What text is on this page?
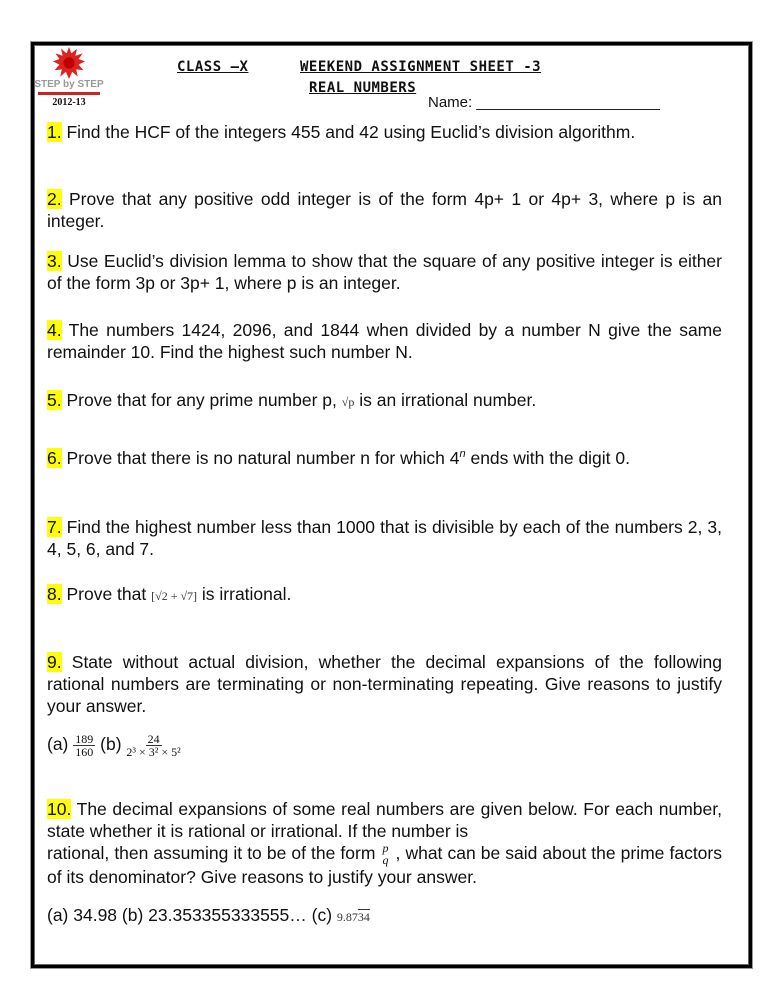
STEP by STEP
2012-13
CLASS –X	WEEKEND ASSIGNMENT SHEET -3
REAL NUMBERS
Name: ______________________
1. Find the HCF of the integers 455 and 42 using Euclid’s division algorithm.
2. Prove that any positive odd integer is of the form 4p+ 1 or 4p+ 3, where p is an integer.
3. Use Euclid’s division lemma to show that the square of any positive integer is either of the form 3p or 3p+ 1, where p is an integer.
4. The numbers 1424, 2096, and 1844 when divided by a number N give the same remainder 10. Find the highest such number N.
5. Prove that for any prime number p, √p is an irrational number.
6. Prove that there is no natural number n for which 4$^n$ ends with the digit 0.
7. Find the highest number less than 1000 that is divisible by each of the numbers 2, 3, 4, 5, 6, and 7.
8. Prove that [√2 + √7] is irrational.
9. State without actual division, whether the decimal expansions of the following rational numbers are terminating or non-terminating repeating. Give reasons to justify your answer.
$(a) \frac{189}{160} (b) \frac{24}{\text{2³ × 3² × 5²}}$
10. The decimal expansions of some real numbers are given below. For each number, state whether it is rational or irrational. If the number is
rational, then assuming it to be of the form p
q , what can be said about the prime factors of its denominator? Give reasons to justify your answer.
(a) 34.98 (b) 23.353355333555… (c) 9.8734
